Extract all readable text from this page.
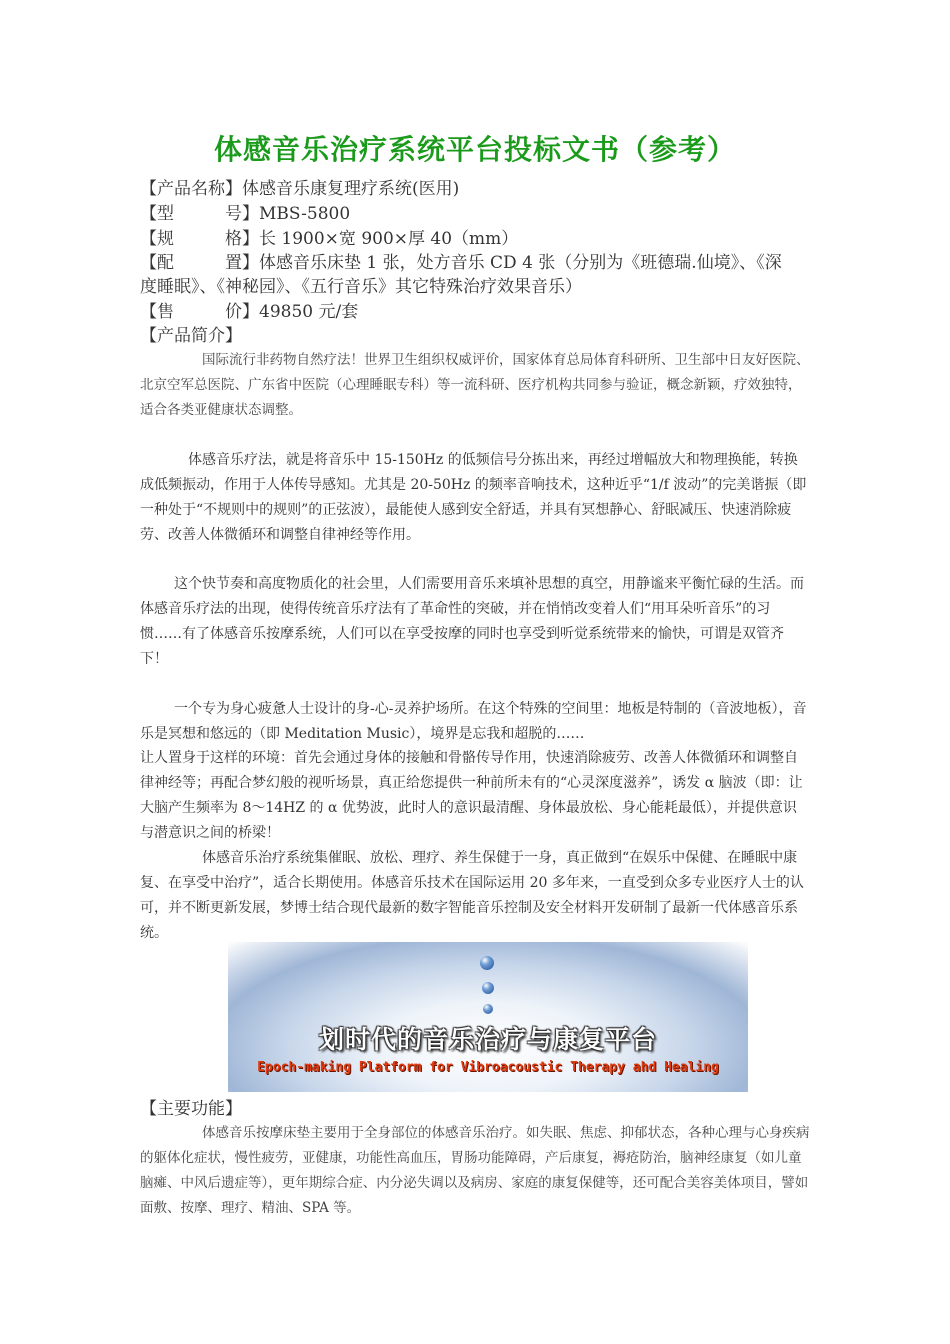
体感音乐治疗系统平台投标文书（参考）
【产品名称】体感音乐康复理疗系统(医用)
【型　　　号】MBS-5800
【规　　　格】长 1900×宽 900×厚 40（mm）
【配　　　置】体感音乐床垫 1 张，处方音乐 CD 4 张（分别为《班德瑞.仙境》、《深
度睡眠》、《神秘园》、《五行音乐》其它特殊治疗效果音乐）
【售　　　价】49850 元/套
【产品简介】
国际流行非药物自然疗法！世界卫生组织权威评价，国家体育总局体育科研所、卫生部中日友好医院、北京空军总医院、广东省中医院（心理睡眠专科）等一流科研、医疗机构共同参与验证，概念新颖，疗效独特，适合各类亚健康状态调整。
体感音乐疗法，就是将音乐中 15-150Hz 的低频信号分拣出来，再经过增幅放大和物理换能，转换成低频振动，作用于人体传导感知。尤其是 20-50Hz 的频率音响技术，这种近乎“1/f 波动”的完美谐振（即一种处于“不规则中的规则”的正弦波），最能使人感到安全舒适，并具有冥想静心、舒眠减压、快速消除疲劳、改善人体微循环和调整自律神经等作用。
这个快节奏和高度物质化的社会里，人们需要用音乐来填补思想的真空，用静谧来平衡忙碌的生活。而体感音乐疗法的出现，使得传统音乐疗法有了革命性的突破，并在悄悄改变着人们“用耳朵听音乐”的习惯……有了体感音乐按摩系统，人们可以在享受按摩的同时也享受到听觉系统带来的愉快，可谓是双管齐下！
一个专为身心疲惫人士设计的身-心-灵养护场所。在这个特殊的空间里：地板是特制的（音波地板），音乐是冥想和悠远的（即 Meditation Music），境界是忘我和超脱的……
让人置身于这样的环境：首先会通过身体的接触和骨骼传导作用，快速消除疲劳、改善人体微循环和调整自律神经等；再配合梦幻般的视听场景，真正给您提供一种前所未有的“心灵深度滋养”，诱发 α 脑波（即：让大脑产生频率为 8～14HZ 的 α 优势波，此时人的意识最清醒、身体最放松、身心能耗最低），并提供意识与潜意识之间的桥梁！
体感音乐治疗系统集催眠、放松、理疗、养生保健于一身，真正做到“在娱乐中保健、在睡眠中康复、在享受中治疗”，适合长期使用。体感音乐技术在国际运用 20 多年来，一直受到众多专业医疗人士的认可，并不断更新发展，梦博士结合现代最新的数字智能音乐控制及安全材料开发研制了最新一代体感音乐系统。
划时代的音乐治疗与康复平台
Epoch-making Platform for Vibroacoustic Therapy ahd Healing
【主要功能】
体感音乐按摩床垫主要用于全身部位的体感音乐治疗。如失眠、焦虑、抑郁状态，各种心理与心身疾病的躯体化症状，慢性疲劳，亚健康，功能性高血压，胃肠功能障碍，产后康复，褥疮防治，脑神经康复（如儿童脑瘫、中风后遗症等），更年期综合症、内分泌失调以及病房、家庭的康复保健等，还可配合美容美体项目，譬如面敷、按摩、理疗、精油、SPA 等。
